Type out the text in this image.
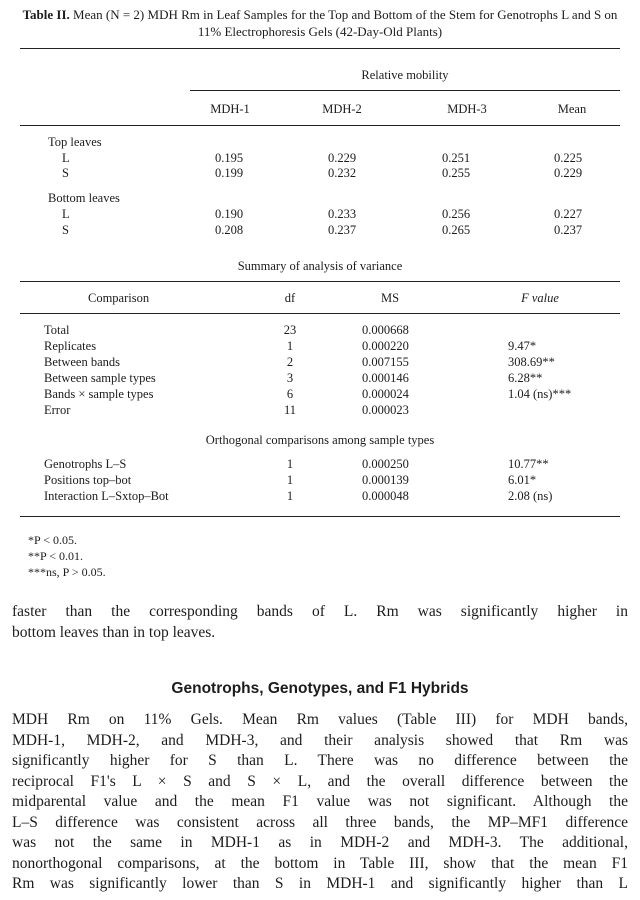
Table II. Mean (N = 2) MDH Rm in Leaf Samples for the Top and Bottom of the Stem for Genotrophs L and S on 11% Electrophoresis Gels (42-Day-Old Plants)
Relative mobility
MDH-1	MDH-2	MDH-3	Mean
Top leaves
L	0.195	0.229	0.251	0.225
S	0.199	0.232	0.255	0.229
Bottom leaves
L	0.190	0.233	0.256	0.227
S	0.208	0.237	0.265	0.237
Summary of analysis of variance
Comparison	df	MS	F value
Total	23	0.000668
Replicates	1	0.000220	9.47*
Between bands	2	0.007155	308.69**
Between sample types	3	0.000146	6.28**
Bands × sample types	6	0.000024	1.04 (ns)***
Error	11	0.000023
Orthogonal comparisons among sample types
Genotrophs L–S	1	0.000250	10.77**
Positions top–bot	1	0.000139	6.01*
Interaction L–Sxtop–Bot	1	0.000048	2.08 (ns)
*P < 0.05.
**P < 0.01.
***ns, P > 0.05.
faster than the corresponding bands of L. Rm was significantly higher in
bottom leaves than in top leaves.
Genotrophs, Genotypes, and F1 Hybrids
MDH Rm on 11% Gels. Mean Rm values (Table III) for MDH bands,
MDH-1, MDH-2, and MDH-3, and their analysis showed that Rm was
significantly higher for S than L. There was no difference between the
reciprocal F1's L × S and S × L, and the overall difference between the
midparental value and the mean F1 value was not significant. Although the
L–S difference was consistent across all three bands, the MP–MF1 difference
was not the same in MDH-1 as in MDH-2 and MDH-3. The additional,
nonorthogonal comparisons, at the bottom in Table III, show that the mean F1
Rm was significantly lower than S in MDH-1 and significantly higher than L
